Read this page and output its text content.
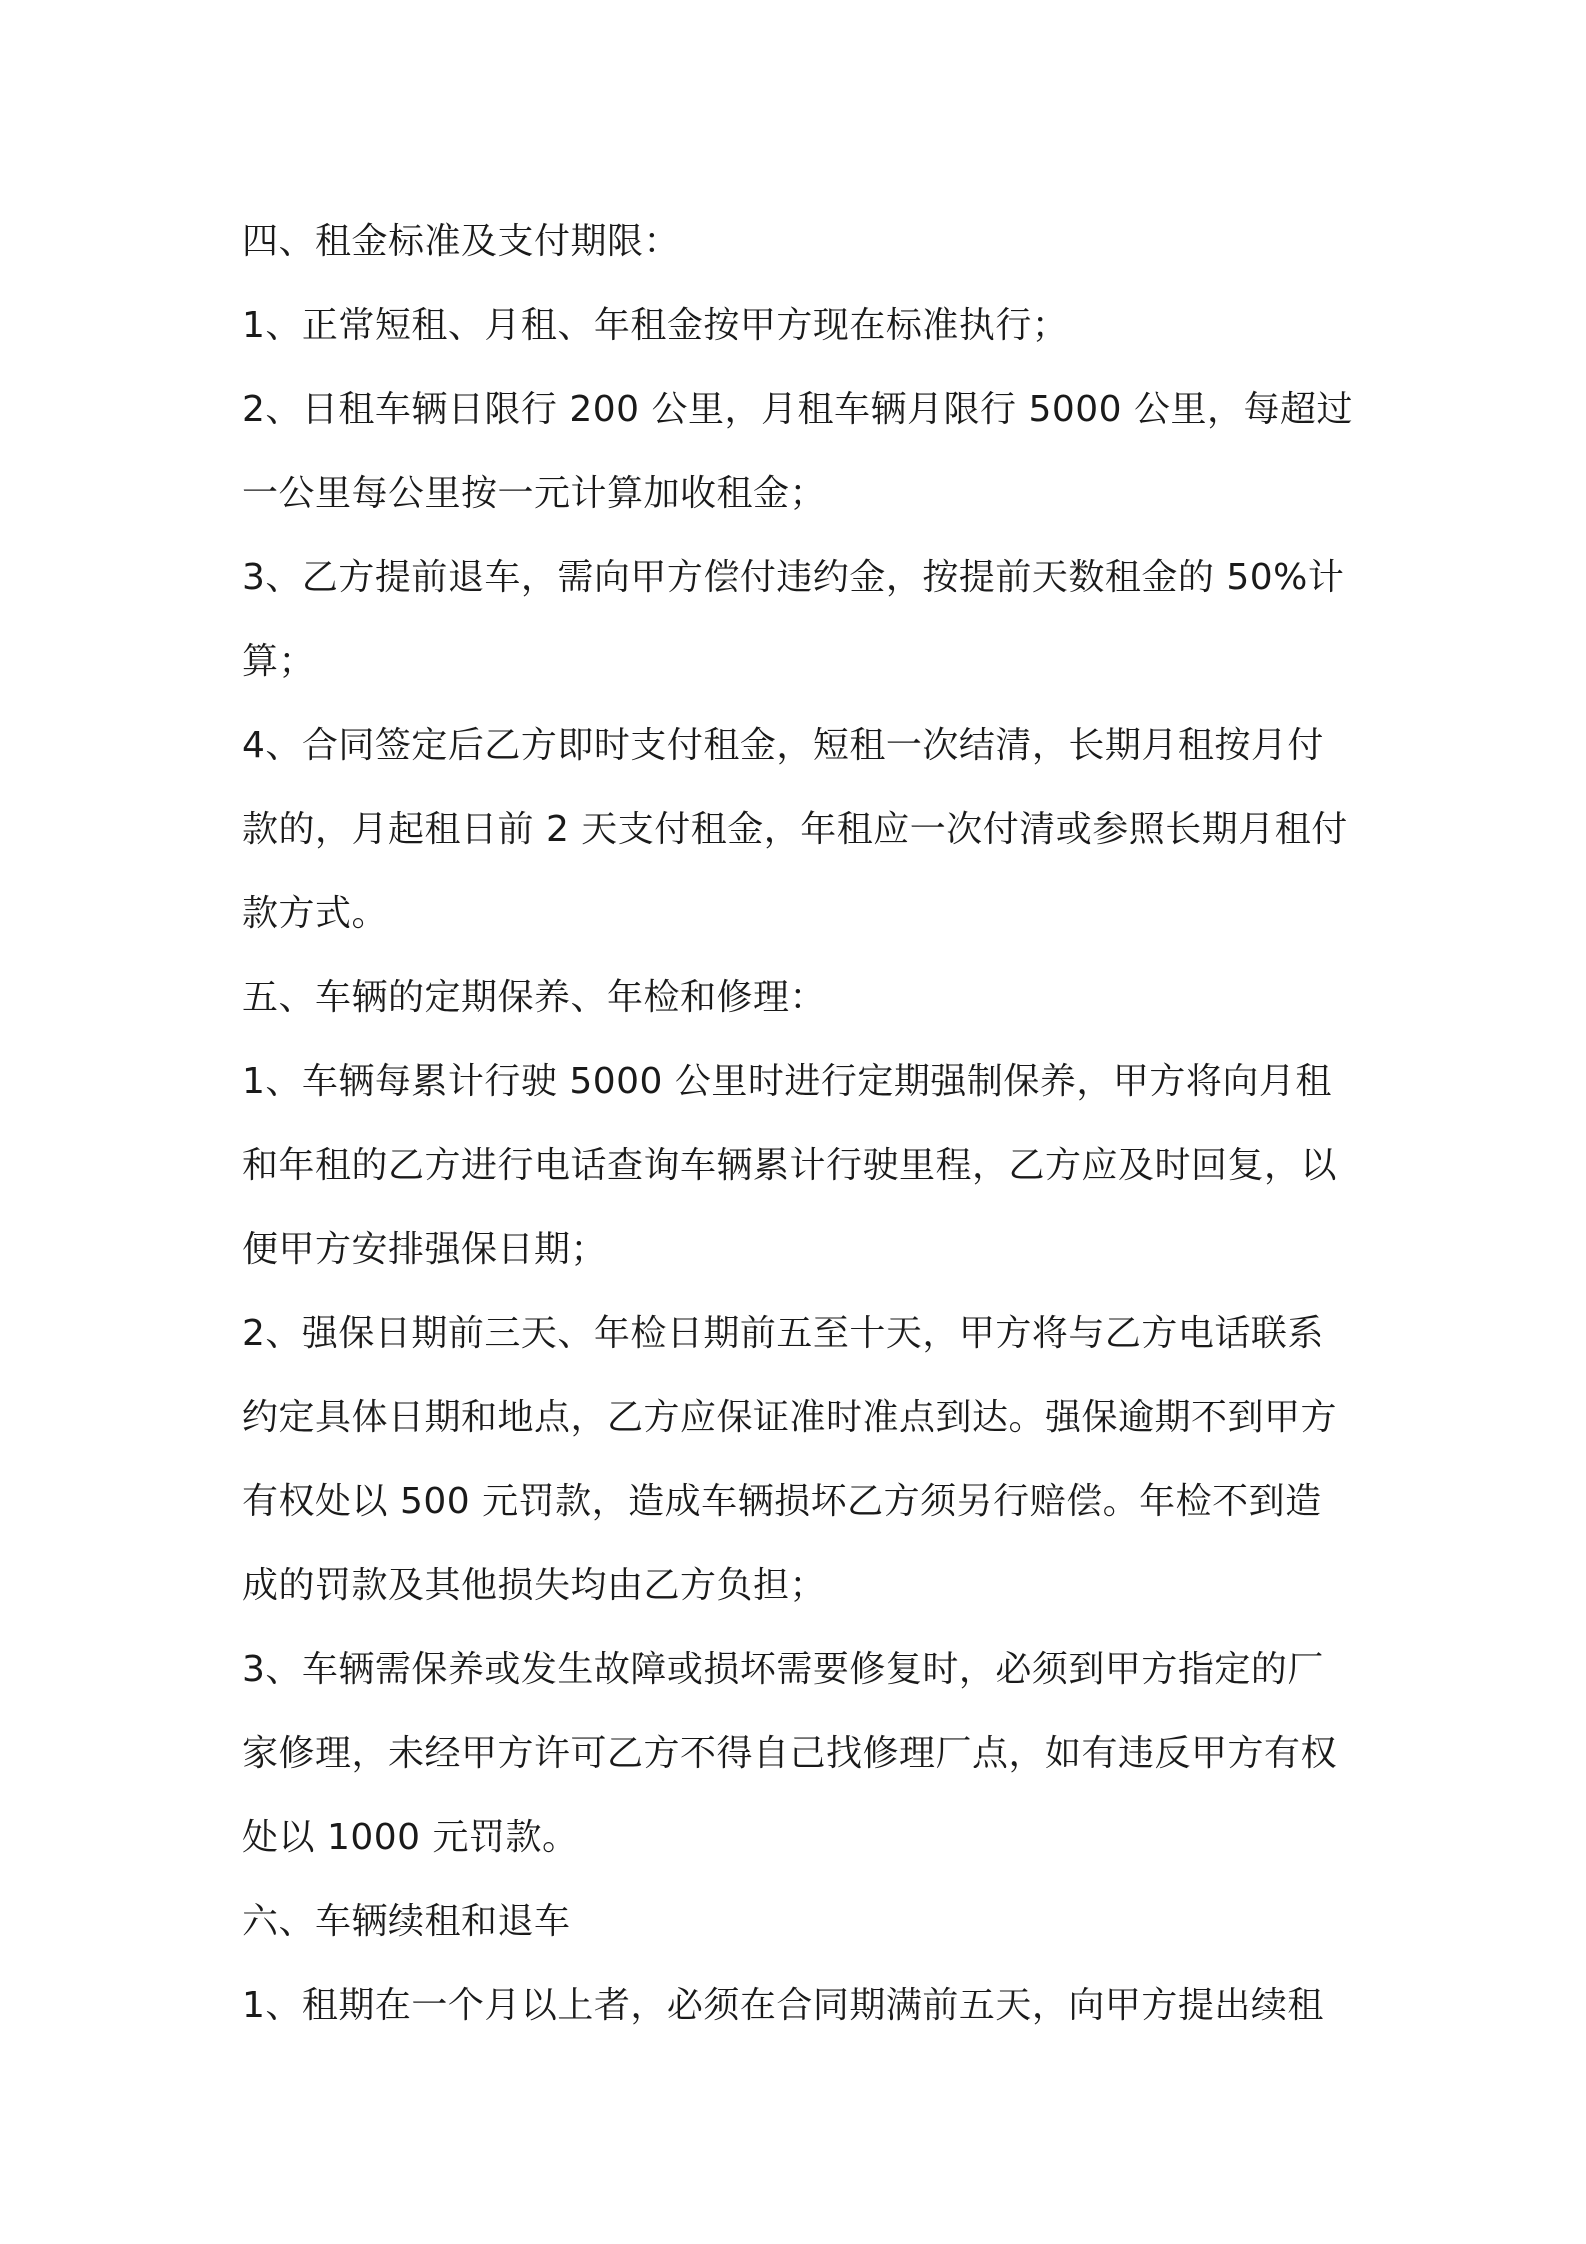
四、租金标准及支付期限：
1、正常短租、月租、年租金按甲方现在标准执行；
2、日租车辆日限行 200 公里，月租车辆月限行 5000 公里，每超过
一公里每公里按一元计算加收租金；
3、乙方提前退车，需向甲方偿付违约金，按提前天数租金的 50%计
算；
4、合同签定后乙方即时支付租金，短租一次结清，长期月租按月付
款的，月起租日前 2 天支付租金，年租应一次付清或参照长期月租付
款方式。
五、车辆的定期保养、年检和修理：
1、车辆每累计行驶 5000 公里时进行定期强制保养，甲方将向月租
和年租的乙方进行电话查询车辆累计行驶里程，乙方应及时回复，以
便甲方安排强保日期；
2、强保日期前三天、年检日期前五至十天，甲方将与乙方电话联系
约定具体日期和地点，乙方应保证准时准点到达。强保逾期不到甲方
有权处以 500 元罚款，造成车辆损坏乙方须另行赔偿。年检不到造
成的罚款及其他损失均由乙方负担；
3、车辆需保养或发生故障或损坏需要修复时，必须到甲方指定的厂
家修理，未经甲方许可乙方不得自己找修理厂点，如有违反甲方有权
处以 1000 元罚款。
六、车辆续租和退车
1、租期在一个月以上者，必须在合同期满前五天，向甲方提出续租
